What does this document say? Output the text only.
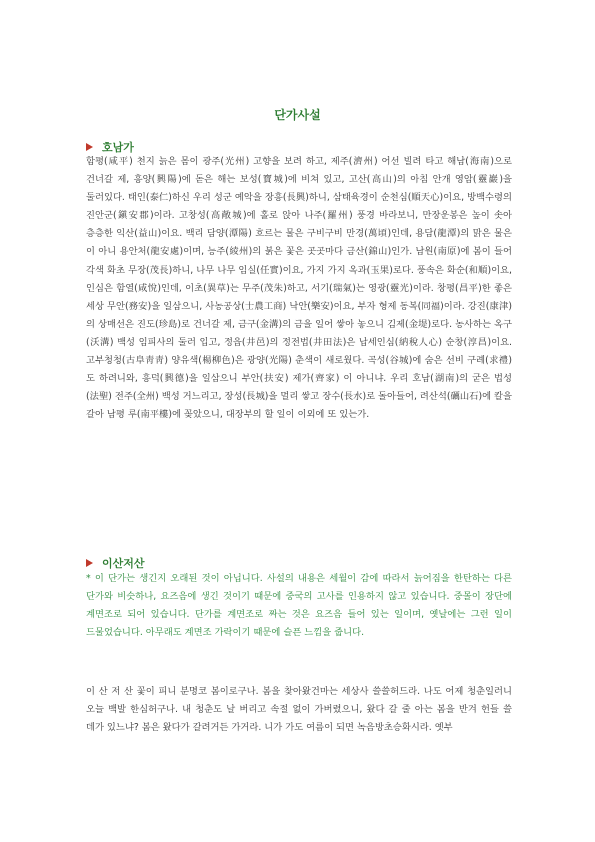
단가사설
호남가

함평(咸平) 천지 늙은 몸이 광주(光州) 고향을 보려 하고, 제주(濟州) 어선 빌려 타고 해남(海南)으로 건너갈 제, 흥양(興陽)에 돋은 해는 보성(寶城)에 비쳐 있고, 고산(高山)의 아침 안개 영암(靈巖)을 둘러있다. 태인(泰仁)하신 우리 성군 예악을 장흥(長興)하니, 삼태육경이 순천심(順天心)이요, 방백수령의 진안군(鎭安郡)이라. 고창성(高敞城)에 홀로 앉아 나주(羅州) 풍경 바라보니, 만장운봉은 높이 솟아 층층한 익산(益山)이요. 백리 담양(潭陽) 흐르는 물은 구비구비 만경(萬頃)인데, 용담(龍潭)의 맑은 물은 이 아니 용안처(龍安處)이며, 능주(綾州)의 붉은 꽃은 곳곳마다 금산(錦山)인가. 남원(南原)에 봄이 들어 각색 화초 무장(茂長)하니, 나무 나무 임실(任實)이요, 가지 가지 옥과(玉果)로다. 풍속은 화순(和順)이요, 인심은 함열(咸悅)인데, 이초(異草)는 무주(茂朱)하고, 서기(瑞氣)는 영광(靈光)이라. 창평(昌平)한 좋은 세상 무안(務安)을 일삼으니, 사농공상(士農工商) 낙안(樂安)이요, 부자 형제 동복(同福)이라. 강진(康津)의 상매선은 진도(珍島)로 건너갈 제, 금구(金溝)의 금을 일어 쌓아 놓으니 김제(金堤)로다. 농사하는 옥구(沃溝) 백성 임피사의 둘러 입고, 정읍(井邑)의 정전법(井田法)은 납세인심(納稅人心) 순창(淳昌)이요. 고부청청(古阜靑靑) 양유색(楊柳色)은 광양(光陽) 춘색이 새로웠다. 곡성(谷城)에 숨은 선비 구례(求禮)도 하려니와, 흥덕(興德)을 일삼으니 부안(扶安) 제가(齊家) 이 아니냐. 우리 호남(湖南)의 굳은 법성(法聖) 전주(全州) 백성 거느리고, 장성(長城)을 멀리 쌓고 장수(長水)로 돌아들어, 려산석(礪山石)에 칼을 갈아 남평 루(南平樓)에 꽂았으니, 대장부의 할 일이 이외에 또 있는가.

이산저산

* 이 단가는 생긴지 오래된 것이 아닙니다. 사설의 내용은 세월이 감에 따라서 늙어짐을 한탄하는 다른 단가와 비슷하나, 요즈음에 생긴 것이기 때문에 중국의 고사를 인용하지 않고 있습니다. 중몰이 장단에 계면조로 되어 있습니다. 단가를 계면조로 짜는 것은 요즈음 들어 있는 일이며, 옛날에는 그런 일이 드물었습니다. 아무래도 계면조 가락이기 때문에 슬픈 느낌을 줍니다.

이 산 저 산 꽃이 피니 분명코 봄이로구나. 봄을 찾아왔건마는 세상사 쓸쓸허드라. 나도 어제 청춘일러니 오늘 백발 한심허구나. 내 청춘도 날 버리고 속절 없이 가버렸으니, 왔다 갈 줄 아는 봄을 반겨 헌들 쓸 데가 있느냐? 봄은 왔다가 갈려거든 가거라. 니가 가도 여름이 되면 녹음방초승화시라. 옛부
